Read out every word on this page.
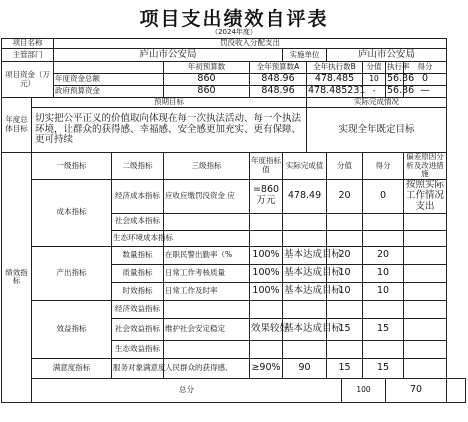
项目支出绩效自评表
（2024年度）
项目名称		罚没收入分配支出											
主管部门		庐山市公安局				实施单位		庐山市公安局					
项目资金（万元）				年初预算数	全年预算数A		全年执行数B			分值	执行率	得分	
		年度资金总额		860	848.96		478.485			10	56.36	0	
		政府预算资金		860	848.96		478.485231			-	56.36	—	
年度总体目标	预期目标						实际完成情况						
	切实把公平正义的价值取向体现在每一次执法活动、每一个执法环境，让群众的获得感、幸福感、安全感更加充实、更有保障、更可持续						实现全年既定目标						
绩效指标	一级指标		二级指标	三级指标	年度指标值	实际完成值		分值		得分		偏差原因分析及改进措施	
	成本指标		经济成本指标	应收应缴罚没资金 应	=860万元	478.49		20		0		按照实际工作情况支出	
			社会成本指标										
			生态环境成本指标										
	产出指标		数量指标	在职民警出勤率（%	100%	基本达成目标		20		20			
			质量指标	日常工作考核质量	100%	基本达成目标		10		10			
			时效指标	日常工作及时率	100%	基本达成目标		10		10			
	效益指标		经济效益指标										
			社会效益指标	维护社会安定稳定	效果较好	基本达成目标		15		15			
			生态效益指标										
	满意度指标		服务对象满意度	人民群众的获得感、	≥90%	90		15		15			
	总分								100		70		
